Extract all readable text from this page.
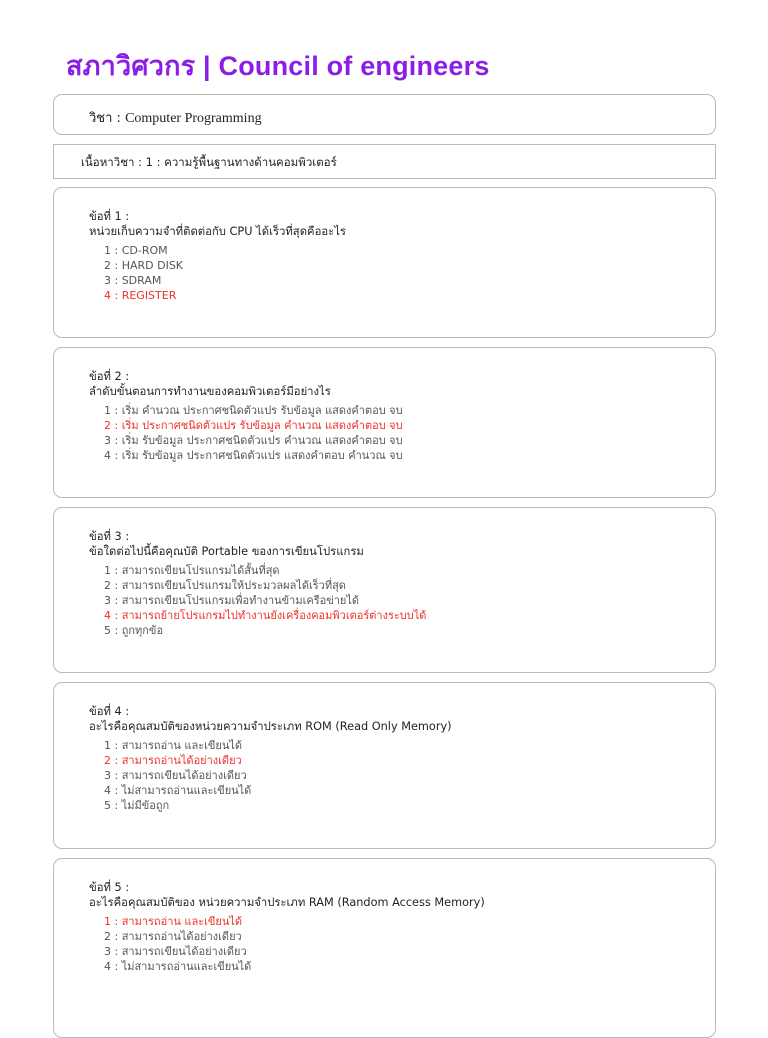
สภาวิศวกร | Council of engineers
วิชา : Computer Programming
เนื้อหาวิชา : 1 : ความรู้พื้นฐานทางด้านคอมพิวเตอร์
ข้อที่ 1 :
หน่วยเก็บความจำที่ติดต่อกับ CPU ได้เร็วที่สุดคืออะไร
1 : CD-ROM
2 : HARD DISK
3 : SDRAM
4 : REGISTER
ข้อที่ 2 :
ลำดับขั้นตอนการทำงานของคอมพิวเตอร์มีอย่างไร
1 : เริ่ม คำนวณ ประกาศชนิดตัวแปร รับข้อมูล แสดงคำตอบ จบ
2 : เริ่ม ประกาศชนิดตัวแปร รับข้อมูล คำนวณ แสดงคำตอบ จบ
3 : เริ่ม รับข้อมูล ประกาศชนิดตัวแปร คำนวณ แสดงคำตอบ จบ
4 : เริ่ม รับข้อมูล ประกาศชนิดตัวแปร แสดงคำตอบ คำนวณ จบ
ข้อที่ 3 :
ข้อใดต่อไปนี้คือคุณบัติ Portable ของการเขียนโปรแกรม
1 : สามารถเขียนโปรแกรมได้สั้นที่สุด
2 : สามารถเขียนโปรแกรมให้ประมวลผลได้เร็วที่สุด
3 : สามารถเขียนโปรแกรมเพื่อทำงานข้ามเครือข่ายได้
4 : สามารถย้ายโปรแกรมไปทำงานยังเครื่องคอมพิวเตอร์ต่างระบบได้
5 : ถูกทุกข้อ
ข้อที่ 4 :
อะไรคือคุณสมบัติของหน่วยความจำประเภท ROM (Read Only Memory)
1 : สามารถอ่าน และเขียนได้
2 : สามารถอ่านได้อย่างเดียว
3 : สามารถเขียนได้อย่างเดียว
4 : ไม่สามารถอ่านและเขียนได้
5 : ไม่มีข้อถูก
ข้อที่ 5 :
อะไรคือคุณสมบัติของ หน่วยความจำประเภท RAM (Random Access Memory)
1 : สามารถอ่าน และเขียนได้
2 : สามารถอ่านได้อย่างเดียว
3 : สามารถเขียนได้อย่างเดียว
4 : ไม่สามารถอ่านและเขียนได้
